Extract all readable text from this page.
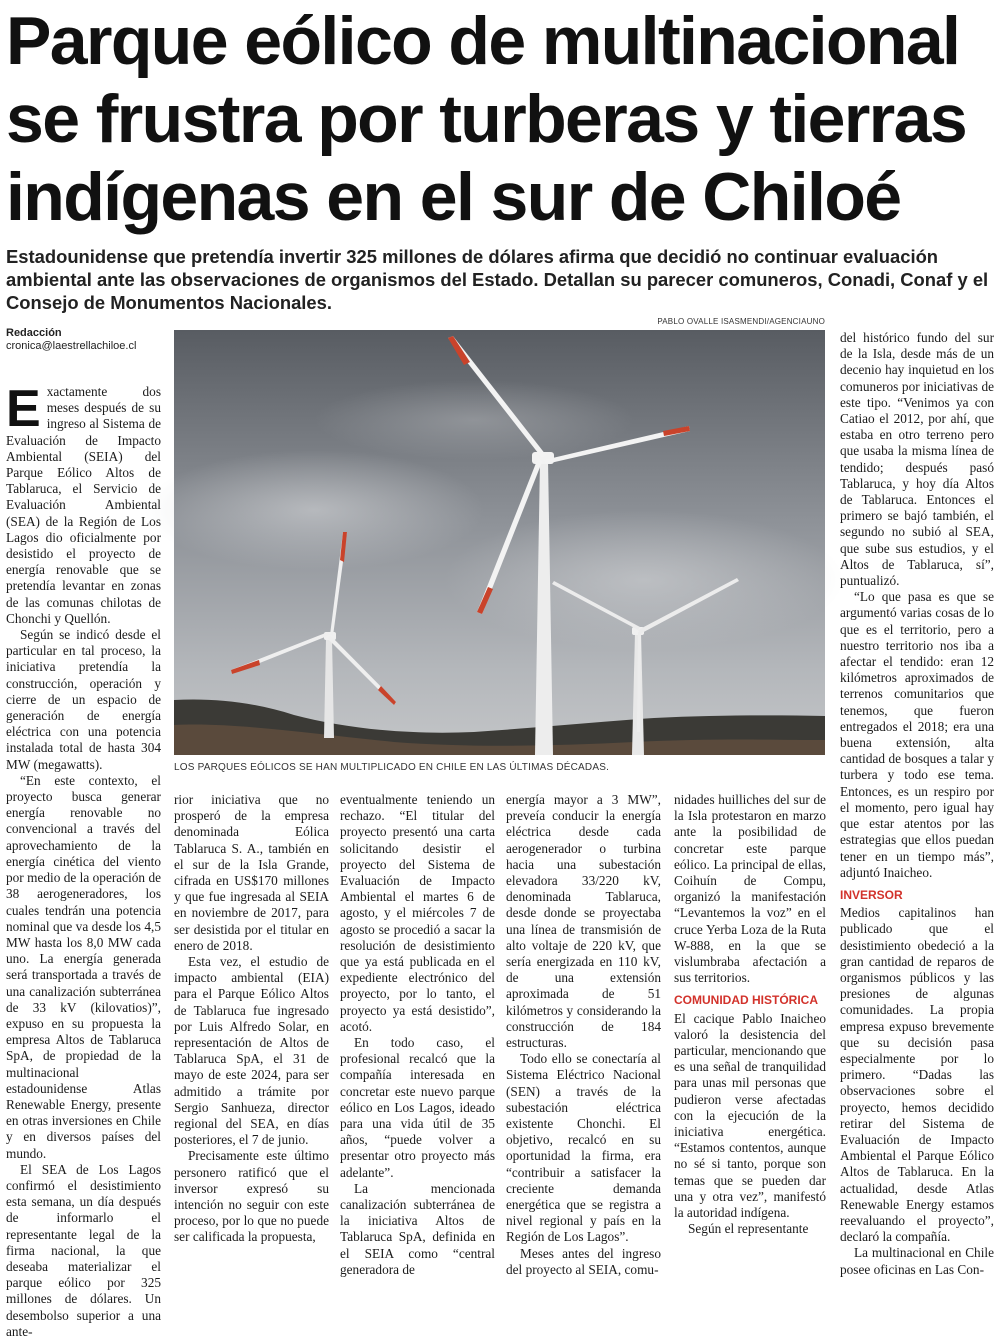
Parque eólico de multinacional
se frustra por turberas y tierras
indígenas en el sur de Chiloé

Estadounidense que pretendía invertir 325 millones de dólares afirma que decidió no continuar evaluación ambiental ante las observaciones de organismos del Estado. Detallan su parecer comuneros, Conadi, Conaf y el Consejo de Monumentos Nacionales.

Redacción
cronica@laestrellachiloe.cl
PABLO OVALLE ISASMENDI/AGENCIAUNO
LOS PARQUES EÓLICOS SE HAN MULTIPLICADO EN CHILE EN LAS ÚLTIMAS DÉCADAS.

Exactamente dos meses después de su ingreso al Sistema de Evaluación de Impacto Ambiental (SEIA) del Parque Eólico Altos de Tablaruca, el Servicio de Evaluación Ambiental (SEA) de la Región de Los Lagos dio oficialmente por desistido el proyecto de energía renovable que se pretendía levantar en zonas de las comunas chilotas de Chonchi y Quellón.

Según se indicó desde el particular en tal proceso, la iniciativa pretendía la construcción, operación y cierre de un espacio de generación de energía eléctrica con una potencia instalada total de hasta 304 MW (megawatts).

“En este contexto, el proyecto busca generar energía renovable no convencional a través del aprovechamiento de la energía cinética del viento por medio de la operación de 38 aerogeneradores, los cuales tendrán una potencia nominal que va desde los 4,5 MW hasta los 8,0 MW cada uno. La energía generada será transportada a través de una canalización subterránea de 33 kV (kilovatios)”, expuso en su propuesta la empresa Altos de Tablaruca SpA, de propiedad de la multinacional estadounidense Atlas Renewable Energy, presente en otras inversiones en Chile y en diversos países del mundo.

El SEA de Los Lagos confirmó el desistimiento esta semana, un día después de informarlo el representante legal de la firma nacional, la que deseaba materializar el parque eólico por 325 millones de dólares. Un desembolso superior a una ante-

rior iniciativa que no prosperó de la empresa denominada Eólica Tablaruca S. A., también en el sur de la Isla Grande, cifrada en US$170 millones y que fue ingresada al SEIA en noviembre de 2017, para ser desistida por el titular en enero de 2018.

Esta vez, el estudio de impacto ambiental (EIA) para el Parque Eólico Altos de Tablaruca fue ingresado por Luis Alfredo Solar, en representación de Altos de Tablaruca SpA, el 31 de mayo de este 2024, para ser admitido a trámite por Sergio Sanhueza, director regional del SEA, en días posteriores, el 7 de junio.

Precisamente este último personero ratificó que el inversor expresó su intención no seguir con este proceso, por lo que no puede ser calificada la propuesta,

eventualmente teniendo un rechazo. “El titular del proyecto presentó una carta solicitando desistir el proyecto del Sistema de Evaluación de Impacto Ambiental el martes 6 de agosto, y el miércoles 7 de agosto se procedió a sacar la resolución de desistimiento que ya está publicada en el expediente electrónico del proyecto, por lo tanto, el proyecto ya está desistido”, acotó.

En todo caso, el profesional recalcó que la compañía interesada en concretar este nuevo parque eólico en Los Lagos, ideado para una vida útil de 35 años, “puede volver a presentar otro proyecto más adelante”.

La mencionada canalización subterránea de la iniciativa Altos de Tablaruca SpA, definida en el SEIA como “central generadora de

energía mayor a 3 MW”, preveía conducir la energía eléctrica desde cada aerogenerador o turbina hacia una subestación elevadora 33/220 kV, denominada Tablaruca, desde donde se proyectaba una línea de transmisión de alto voltaje de 220 kV, que sería energizada en 110 kV, de una extensión aproximada de 51 kilómetros y considerando la construcción de 184 estructuras.

Todo ello se conectaría al Sistema Eléctrico Nacional (SEN) a través de la subestación eléctrica existente Chonchi. El objetivo, recalcó en su oportunidad la firma, era “contribuir a satisfacer la creciente demanda energética que se registra a nivel regional y país en la Región de Los Lagos”.

Meses antes del ingreso del proyecto al SEIA, comu-

nidades huilliches del sur de la Isla protestaron en marzo ante la posibilidad de concretar este parque eólico. La principal de ellas, Coihuín de Compu, organizó la manifestación “Levantemos la voz” en el cruce Yerba Loza de la Ruta W-888, en la que se vislumbraba afectación a sus territorios.

COMUNIDAD HISTÓRICA

El cacique Pablo Inaicheo valoró la desistencia del particular, mencionando que es una señal de tranquilidad para unas mil personas que pudieron verse afectadas con la ejecución de la iniciativa energética. “Estamos contentos, aunque no sé si tanto, porque son temas que se pueden dar una y otra vez”, manifestó la autoridad indígena.

Según el representante

del histórico fundo del sur de la Isla, desde más de un decenio hay inquietud en los comuneros por iniciativas de este tipo. “Venimos ya con Catiao el 2012, por ahí, que estaba en otro terreno pero que usaba la misma línea de tendido; después pasó Tablaruca, y hoy día Altos de Tablaruca. Entonces el primero se bajó también, el segundo no subió al SEA, que sube sus estudios, y el Altos de Tablaruca, sí”, puntualizó.

“Lo que pasa es que se argumentó varias cosas de lo que es el territorio, pero a nuestro territorio nos iba a afectar el tendido: eran 12 kilómetros aproximados de terrenos comunitarios que tenemos, que fueron entregados el 2018; era una buena extensión, alta cantidad de bosques a talar y turbera y todo ese tema. Entonces, es un respiro por el momento, pero igual hay que estar atentos por las estrategias que ellos puedan tener en un tiempo más”, adjuntó Inaicheo.

INVERSOR

Medios capitalinos han publicado que el desistimiento obedeció a la gran cantidad de reparos de organismos públicos y las presiones de algunas comunidades. La propia empresa expuso brevemente que su decisión pasa especialmente por lo primero. “Dadas las observaciones sobre el proyecto, hemos decidido retirar del Sistema de Evaluación de Impacto Ambiental el Parque Eólico Altos de Tablaruca. En la actualidad, desde Atlas Renewable Energy estamos reevaluando el proyecto”, declaró la compañía.

La multinacional en Chile posee oficinas en Las Con-
